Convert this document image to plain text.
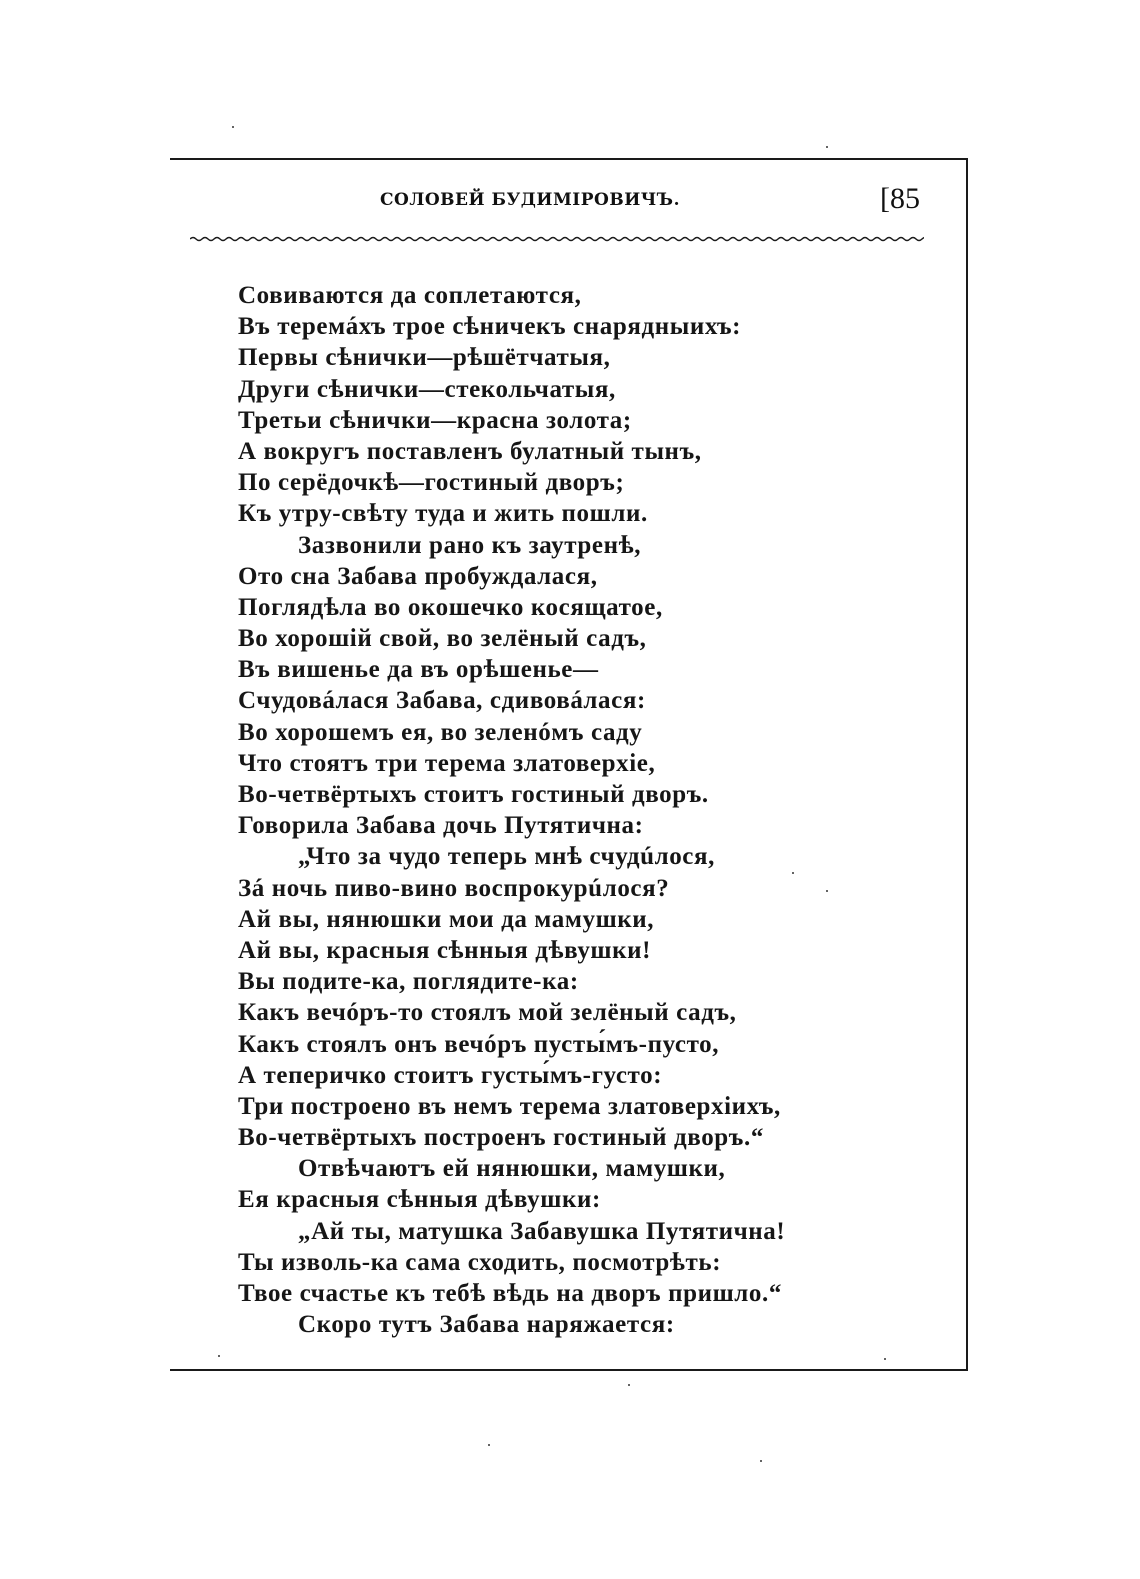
СОЛОВЕЙ БУДИМІРОВИЧЪ.	[85
Совиваются да соплетаются,
Въ теремáхъ трое сѣничекъ снарядныихъ:
Первы сѣнички—рѣшётчатыя,
Други сѣнички—стекольчатыя,
Третьи сѣнички—красна золота;
А вокругъ поставленъ булатный тынъ,
По серёдочкѣ—гостиный дворъ;
Къ утру-свѣту туда и жить пошли.
Зазвонили рано къ заутренѣ,
Ото сна Забава пробуждалася,
Поглядѣла во окошечко косящатое,
Во хорошій свой, во зелёный садъ,
Въ вишенье да въ орѣшенье—
Счудовáлася Забава, сдивовáлася:
Во хорошемъ ея, во зеленóмъ саду
Что стоятъ три терема златоверхіе,
Во-четвёртыхъ стоитъ гостиный дворъ.
Говорила Забава дочь Путятична:
„Что за чудо теперь мнѣ счудúлося,
Зá ночь пиво-вино воспрокурúлося?
Ай вы, нянюшки мои да мамушки,
Ай вы, красныя сѣнныя дѣвушки!
Вы подите-ка, поглядите-ка:
Какъ вечóръ-то стоялъ мой зелёный садъ,
Какъ стоялъ онъ вечóръ пусты́мъ-пусто,
А теперичко стоитъ густы́мъ-густо:
Три построено въ немъ терема златоверхіихъ,
Во-четвёртыхъ построенъ гостиный дворъ.“
Отвѣчаютъ ей нянюшки, мамушки,
Ея красныя сѣнныя дѣвушки:
„Ай ты, матушка Забавушка Путятична!
Ты изволь-ка сама сходить, посмотрѣть:
Твое счастье къ тебѣ вѣдь на дворъ пришло.“
Скоро тутъ Забава наряжается:
